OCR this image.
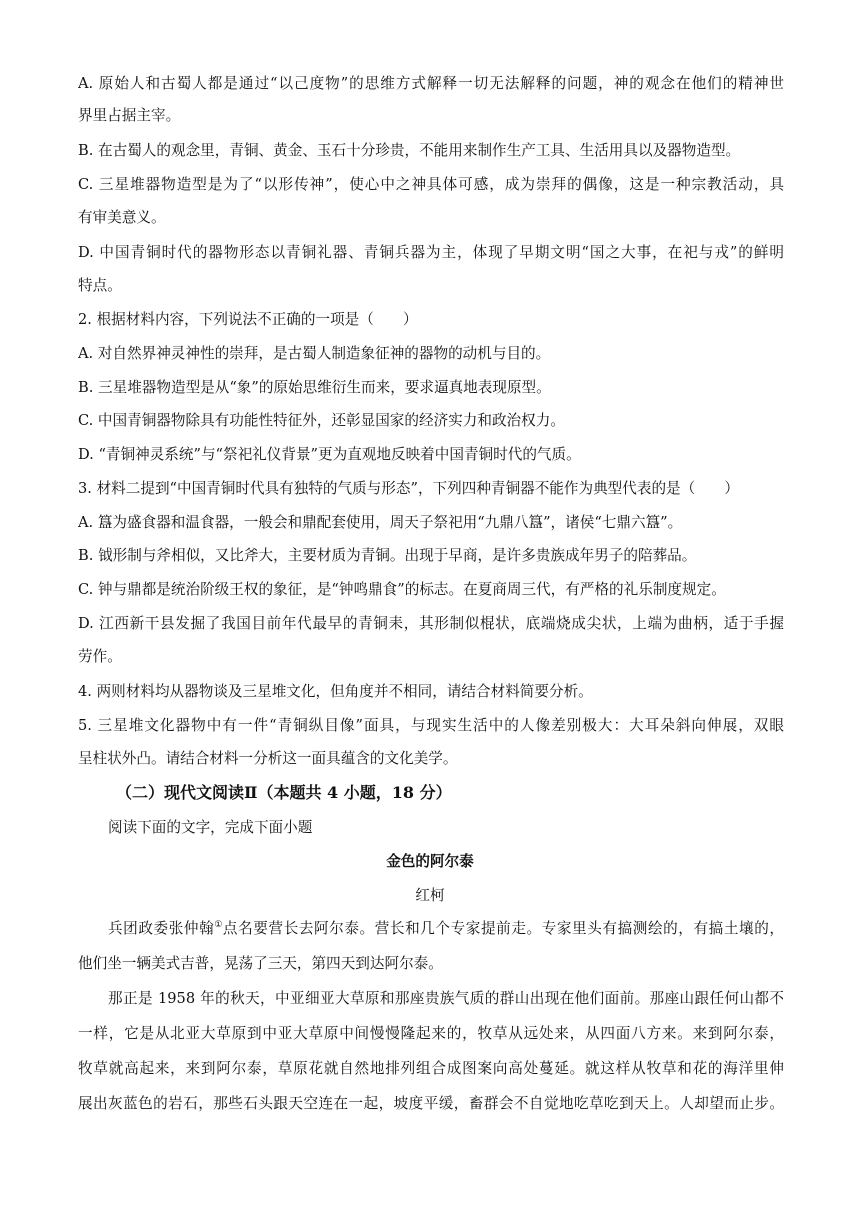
A. 原始人和古蜀人都是通过“以己度物”的思维方式解释一切无法解释的问题，神的观念在他们的精神世
界里占据主宰。
B. 在古蜀人的观念里，青铜、黄金、玉石十分珍贵，不能用来制作生产工具、生活用具以及器物造型。
C. 三星堆器物造型是为了“以形传神”，使心中之神具体可感，成为崇拜的偶像，这是一种宗教活动，具
有审美意义。
D. 中国青铜时代的器物形态以青铜礼器、青铜兵器为主，体现了早期文明“国之大事，在祀与戎”的鲜明
特点。
2. 根据材料内容，下列说法不正确的一项是（　　）
A. 对自然界神灵神性的崇拜，是古蜀人制造象征神的器物的动机与目的。
B. 三星堆器物造型是从“象”的原始思维衍生而来，要求逼真地表现原型。
C. 中国青铜器物除具有功能性特征外，还彰显国家的经济实力和政治权力。
D. “青铜神灵系统”与“祭祀礼仪背景”更为直观地反映着中国青铜时代的气质。
3. 材料二提到“中国青铜时代具有独特的气质与形态”，下列四种青铜器不能作为典型代表的是（　　）
A. 簋为盛食器和温食器，一般会和鼎配套使用，周天子祭祀用“九鼎八簋”，诸侯“七鼎六簋”。
B. 钺形制与斧相似，又比斧大，主要材质为青铜。出现于早商，是许多贵族成年男子的陪葬品。
C. 钟与鼎都是统治阶级王权的象征，是“钟鸣鼎食”的标志。在夏商周三代，有严格的礼乐制度规定。
D. 江西新干县发掘了我国目前年代最早的青铜耒，其形制似棍状，底端烧成尖状，上端为曲柄，适于手握
劳作。
4. 两则材料均从器物谈及三星堆文化，但角度并不相同，请结合材料简要分析。
5. 三星堆文化器物中有一件“青铜纵目像”面具，与现实生活中的人像差别极大：大耳朵斜向伸展，双眼
呈柱状外凸。请结合材料一分析这一面具蕴含的文化美学。
（二）现代文阅读Ⅱ（本题共 4 小题，18 分）
阅读下面的文字，完成下面小题
金色的阿尔泰
红柯
兵团政委张仲翰①点名要营长去阿尔泰。营长和几个专家提前走。专家里头有搞测绘的，有搞土壤的，
他们坐一辆美式吉普，晃荡了三天，第四天到达阿尔泰。
那正是 1958 年的秋天，中亚细亚大草原和那座贵族气质的群山出现在他们面前。那座山跟任何山都不
一样，它是从北亚大草原到中亚大草原中间慢慢隆起来的，牧草从远处来，从四面八方来。来到阿尔泰，
牧草就高起来，来到阿尔泰，草原花就自然地排列组合成图案向高处蔓延。就这样从牧草和花的海洋里伸
展出灰蓝色的岩石，那些石头跟天空连在一起，坡度平缓，畜群会不自觉地吃草吃到天上。人却望而止步。
